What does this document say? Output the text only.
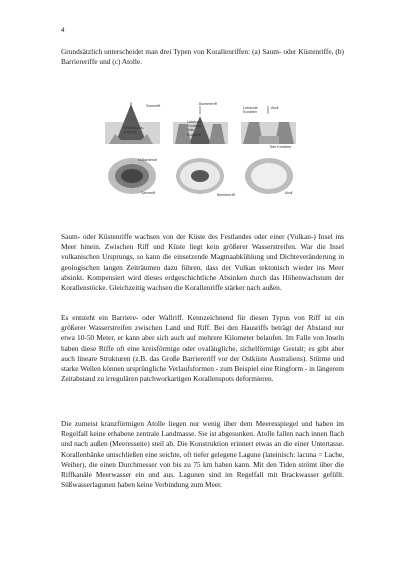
4

Grundsätzlich unterscheidet man drei Typen von Korallenriffen: (a) Saum- oder Küstenriffe, (b) Barriereriffe und (c) Atolle.

Saumriff
Wachstums-
richtung
Barriereriff
Lebende
Korallen
Tote
Korallen
Lebende
Korallen
Atoll
Tote Korallen
Vulkaninsel
Saumriff	Barriereriff	Atoll

Saum- oder Küstenriffe wachsen von der Küste des Festlandes oder einer (Vulkan-) Insel ins Meer hinein. Zwischen Riff und Küste liegt kein größerer Wasserstreifen. War die Insel vulkanischen Ursprungs, so kann die einsetzende Magmaabkühlung und Dichteveränderung in geologischen langen Zeiträumen dazu führen, dass der Vulkan tektonisch wieder ins Meer absinkt. Kompensiert wird dieses erdgeschichtliche Absinken durch das Höhenwachstum der Korallenstöcke. Gleichzeitig wachsen die Korallenriffe stärker nach außen.

Es entsteht ein Barriere- oder Wallriff. Kennzeichnend für diesen Typus von Riff ist ein größerer Wasserstreifen zwischen Land und Riff. Bei den Hausriffs beträgt der Abstand nur etwa 10-50 Meter, er kann aber sich auch auf mehrere Kilometer belaufen. Im Falle von Inseln haben diese Riffe oft eine kreisförmige oder ovalängliche, sichelförmige Gestalt; es gibt aber auch lineare Strukturen (z.B. das Große Barriereriff vor der Ostküste Australiens). Stürme und starke Wellen können ursprüngliche Verlaufsformen - zum Beispiel eine Ringform - in längerem Zeitabstand zu irregulären patchworkartigen Korallenspots deformieren.

Die zumeist kranzförmigen Atolle liegen nur wenig über dem Meeresspiegel und haben im Regelfall keine erhabene zentrale Landmasse. Sie ist abgesunken. Atolle fallen nach innen flach und nach außen (Meeresseite) steil ab. Die Konstruktion erinnert etwas an die einer Untertasse. Korallenbänke umschließen eine seichte, oft tiefer gelegene Lagune (lateinisch: lacuna = Lache, Weiher), die einen Durchmesser von bis zu 75 km haben kann. Mit den Tiden strömt über die Riffkanäle Meerwasser ein und aus. Lagunen sind im Regelfall mit Brackwasser gefüllt. Süßwasserlagunen haben keine Verbindung zum Meer.
